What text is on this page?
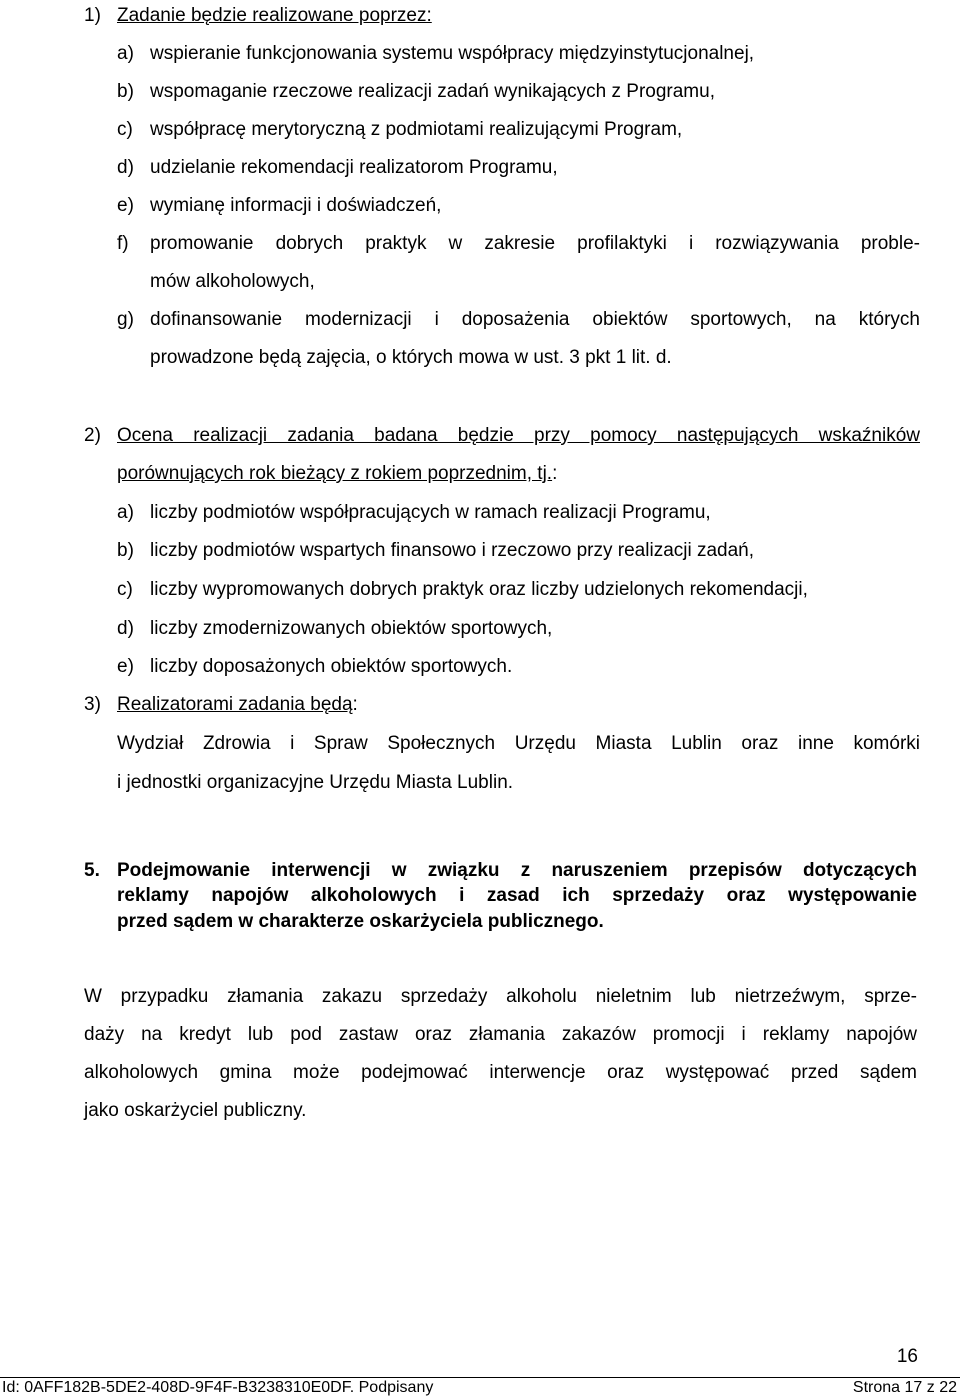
1) Zadanie będzie realizowane poprzez:
a) wspieranie funkcjonowania systemu współpracy międzyinstytucjonalnej,
b) wspomaganie rzeczowe realizacji zadań wynikających z Programu,
c) współpracę merytoryczną z podmiotami realizującymi Program,
d) udzielanie rekomendacji realizatorom Programu,
e) wymianę informacji i doświadczeń,
f) promowanie dobrych praktyk w zakresie profilaktyki i rozwiązywania proble-
mów alkoholowych,
g) dofinansowanie modernizacji i doposażenia obiektów sportowych, na których
prowadzone będą zajęcia, o których mowa w ust. 3 pkt 1 lit. d.
2) Ocena realizacji zadania badana będzie przy pomocy następujących wskaźników
porównujących rok bieżący z rokiem poprzednim, tj.:
a) liczby podmiotów współpracujących w ramach realizacji Programu,
b) liczby podmiotów wspartych finansowo i rzeczowo przy realizacji zadań,
c) liczby wypromowanych dobrych praktyk oraz liczby udzielonych rekomendacji,
d) liczby zmodernizowanych obiektów sportowych,
e) liczby doposażonych obiektów sportowych.
3) Realizatorami zadania będą:
Wydział Zdrowia i Spraw Społecznych Urzędu Miasta Lublin oraz inne komórki
i jednostki organizacyjne Urzędu Miasta Lublin.
5. Podejmowanie interwencji w związku z naruszeniem przepisów dotyczących
reklamy napojów alkoholowych i zasad ich sprzedaży oraz występowanie
przed sądem w charakterze oskarżyciela publicznego.
W przypadku złamania zakazu sprzedaży alkoholu nieletnim lub nietrzeźwym, sprze-
daży na kredyt lub pod zastaw oraz złamania zakazów promocji i reklamy napojów
alkoholowych gmina może podejmować interwencje oraz występować przed sądem
jako oskarżyciel publiczny.
16
Id: 0AFF182B-5DE2-408D-9F4F-B3238310E0DF. Podpisany	Strona 17 z 22
